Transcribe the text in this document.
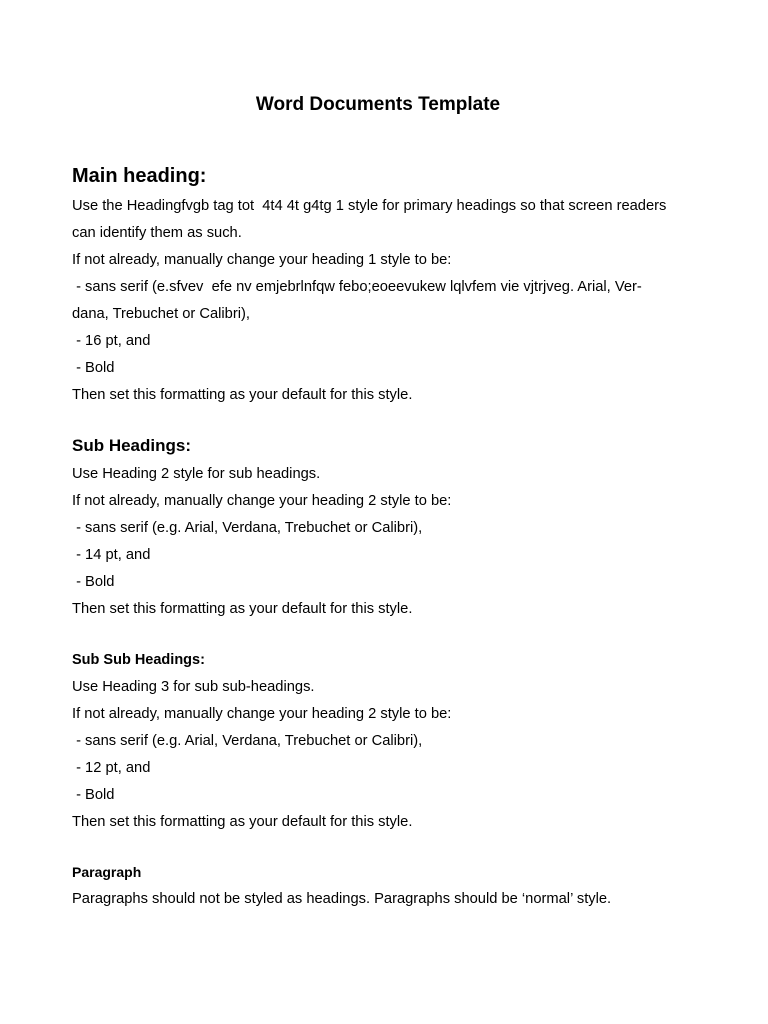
Word Documents Template
Main heading:

Use the Headingfvgb tag tot  4t4 4t g4tg 1 style for primary headings so that screen readers

can identify them as such.

If not already, manually change your heading 1 style to be:

- sans serif (e.sfvev  efe nv emjebrlnfqw febo;eoeevukew lqlvfem vie vjtrjveg. Arial, Ver-

dana, Trebuchet or Calibri),

- 16 pt, and

- Bold

Then set this formatting as your default for this style.

Sub Headings:

Use Heading 2 style for sub headings.

If not already, manually change your heading 2 style to be:

- sans serif (e.g. Arial, Verdana, Trebuchet or Calibri),

- 14 pt, and

- Bold

Then set this formatting as your default for this style.

Sub Sub Headings:

Use Heading 3 for sub sub-headings.

If not already, manually change your heading 2 style to be:

- sans serif (e.g. Arial, Verdana, Trebuchet or Calibri),

- 12 pt, and

- Bold

Then set this formatting as your default for this style.

Paragraph

Paragraphs should not be styled as headings. Paragraphs should be ‘normal’ style.
